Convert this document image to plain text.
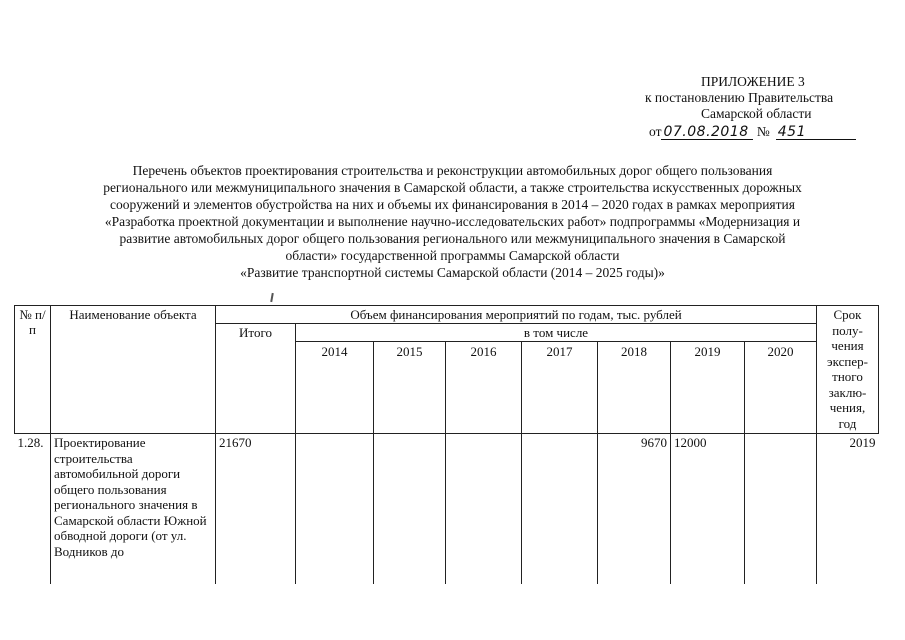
ПРИЛОЖЕНИЕ 3
к постановлению Правительства
Самарской области
от 07.08.2018 № 451
Перечень объектов проектирования строительства и реконструкции автомобильных дорог общего пользования
регионального или межмуниципального значения в Самарской области, а также строительства искусственных дорожных
сооружений и элементов обустройства на них и объемы их финансирования в 2014 – 2020 годах в рамках мероприятия
«Разработка проектной документации и выполнение научно-исследовательских работ» подпрограммы «Модернизация и
развитие автомобильных дорог общего пользования регионального или межмуниципального значения в Самарской
области» государственной программы Самарской области
«Развитие транспортной системы Самарской области (2014 – 2025 годы)»
№ п/п	Наименование объекта	Объем финансирования мероприятий по годам, тыс. рублей								Срок полу-чения экспер-тного заклю-чения, год
		Итого	в том числе							
			2014	2015	2016	2017	2018	2019	2020	
1.28.	Проектирование строительства автомобильной дороги общего пользования регионального значения в Самарской области Южной обводной дороги (от ул. Водников до	21670					9670	12000		2019
